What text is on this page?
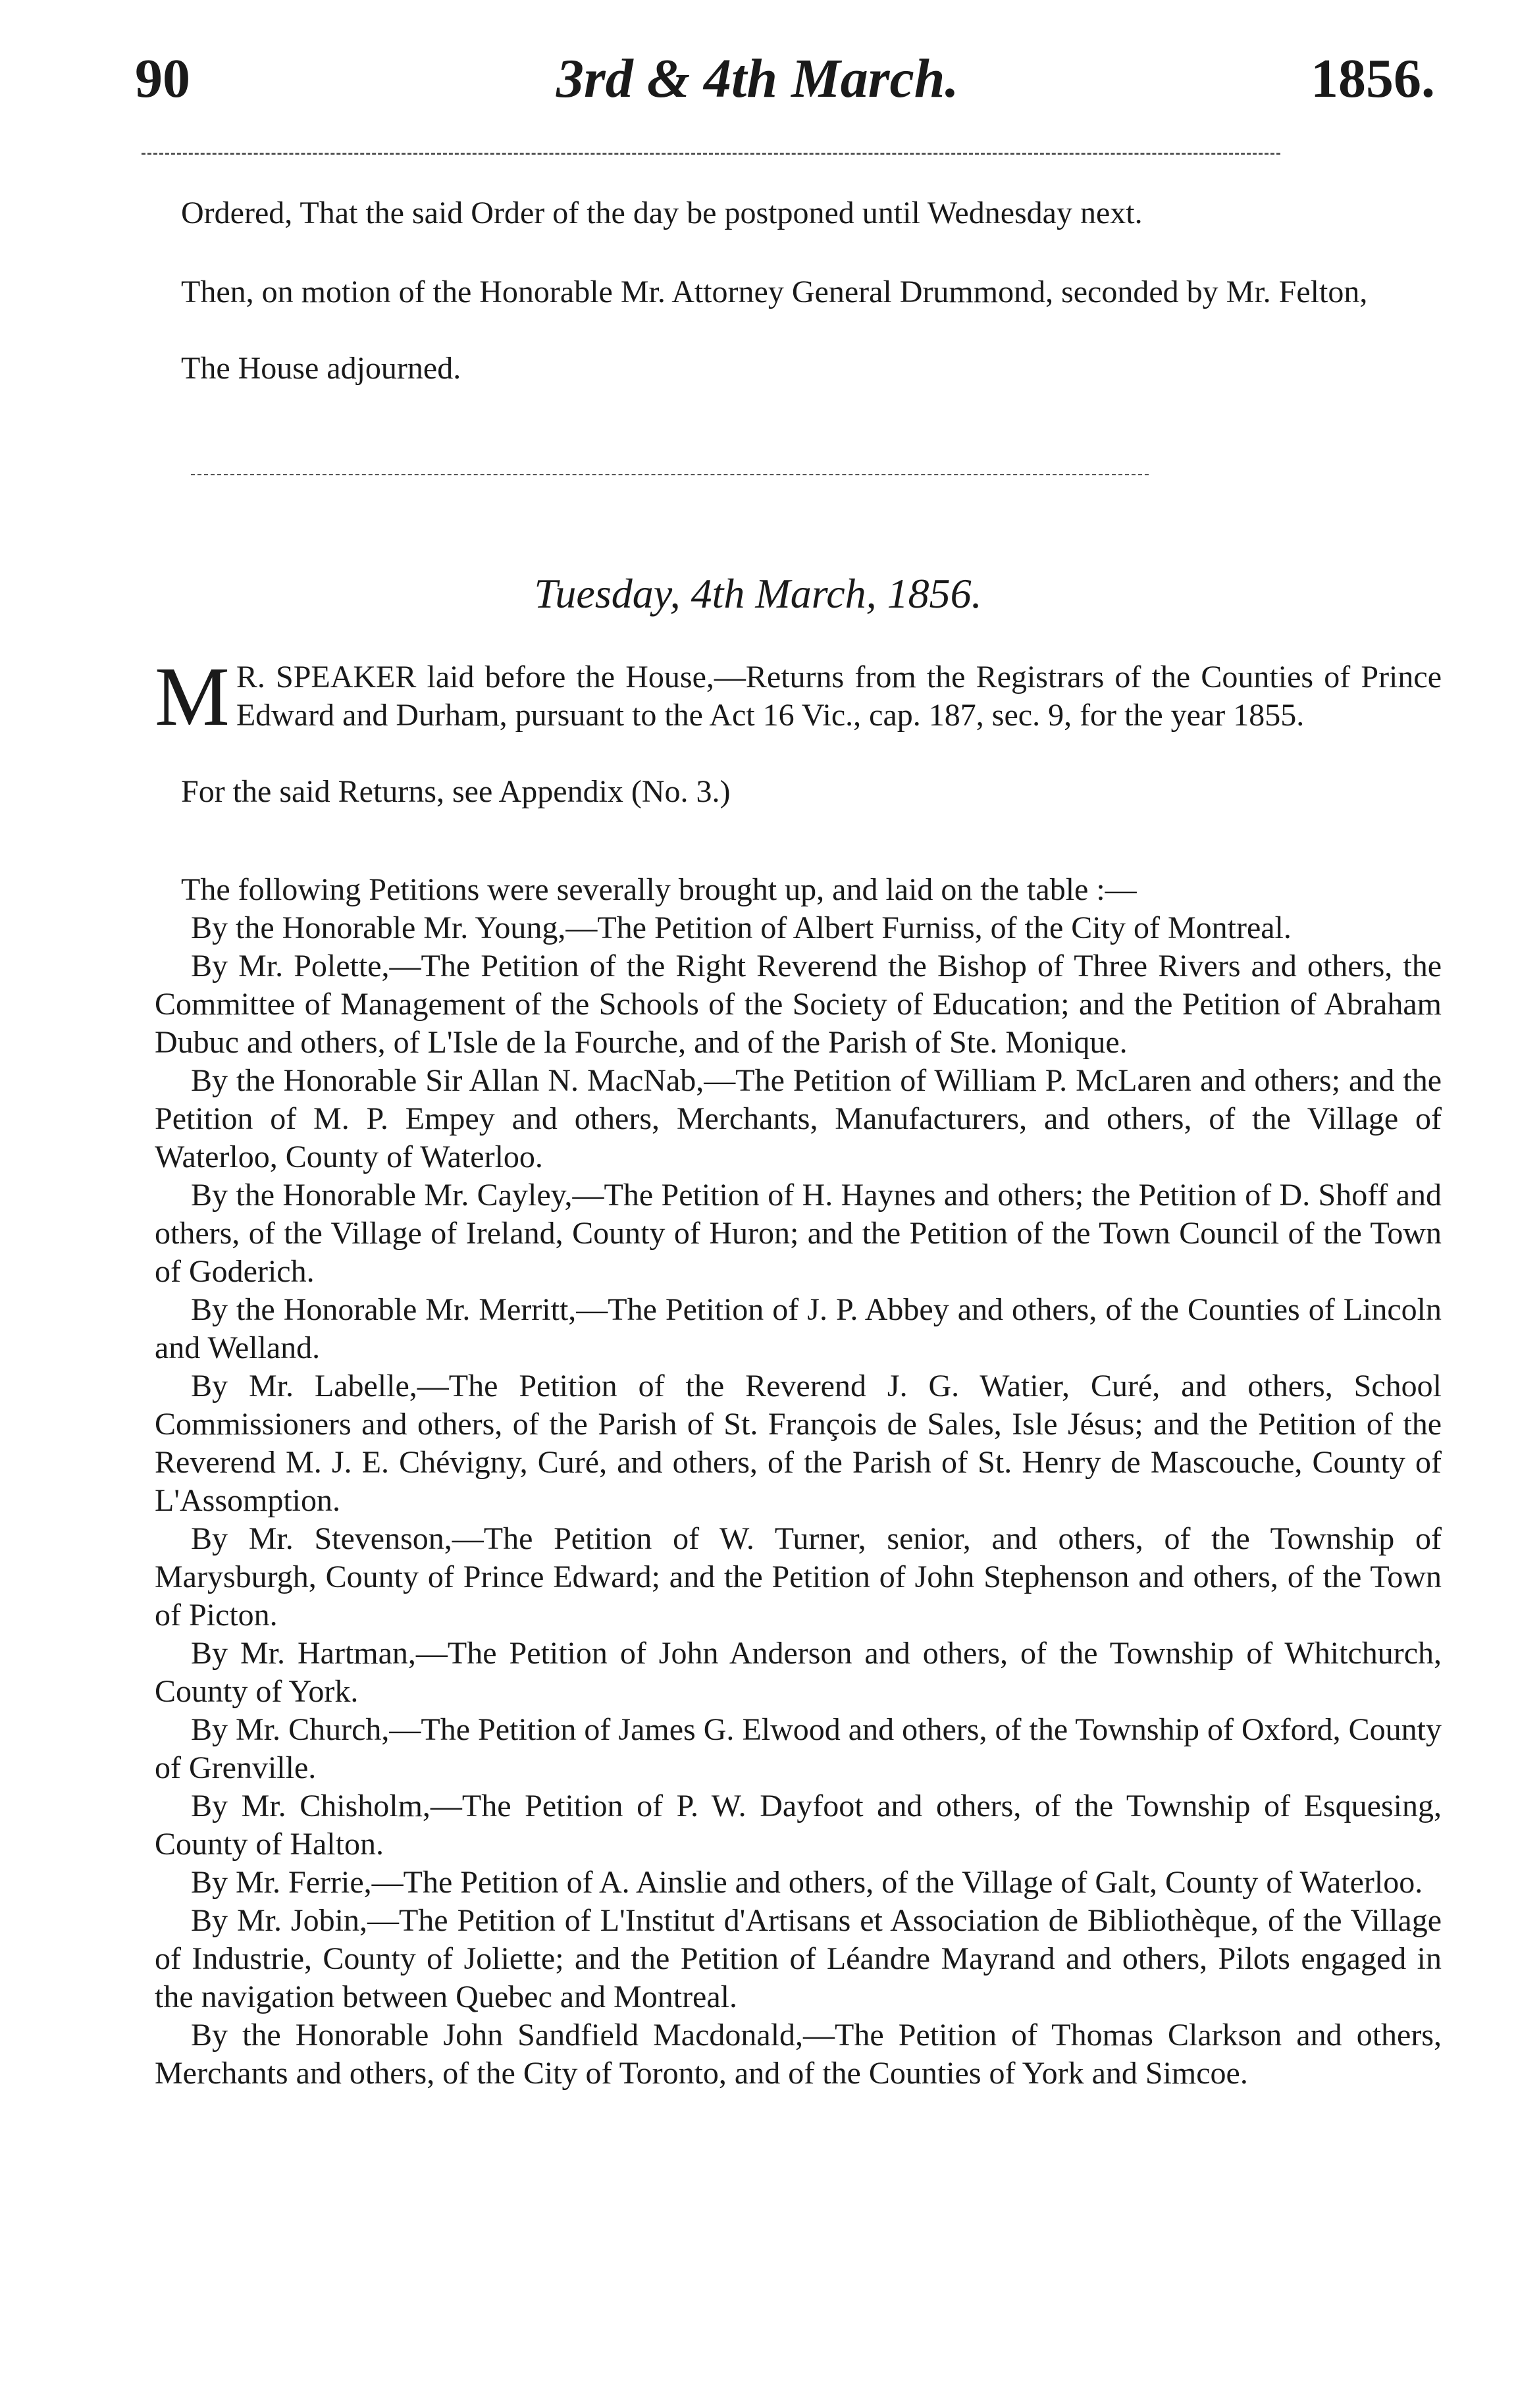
90	3rd & 4th March.	1856.

Ordered, That the said Order of the day be postponed until Wednesday next.

Then, on motion of the Honorable Mr. Attorney General Drummond, seconded by Mr. Felton,

The House adjourned.

Tuesday, 4th March, 1856.
M R. SPEAKER laid before the House,—Returns from the Registrars of the Counties of Prince Edward and Durham, pursuant to the Act 16 Vic., cap. 187, sec. 9, for the year 1855.

For the said Returns, see Appendix (No. 3.)

The following Petitions were severally brought up, and laid on the table :—

By the Honorable Mr. Young,—The Petition of Albert Furniss, of the City of Montreal.

By Mr. Polette,—The Petition of the Right Reverend the Bishop of Three Rivers and others, the Committee of Management of the Schools of the Society of Education; and the Petition of Abraham Dubuc and others, of L'Isle de la Fourche, and of the Parish of Ste. Monique.

By the Honorable Sir Allan N. MacNab,—The Petition of William P. McLaren and others; and the Petition of M. P. Empey and others, Merchants, Manufacturers, and others, of the Village of Waterloo, County of Waterloo.

By the Honorable Mr. Cayley,—The Petition of H. Haynes and others; the Petition of D. Shoff and others, of the Village of Ireland, County of Huron; and the Petition of the Town Council of the Town of Goderich.

By the Honorable Mr. Merritt,—The Petition of J. P. Abbey and others, of the Counties of Lincoln and Welland.

By Mr. Labelle,—The Petition of the Reverend J. G. Watier, Curé, and others, School Commissioners and others, of the Parish of St. François de Sales, Isle Jésus; and the Petition of the Reverend M. J. E. Chévigny, Curé, and others, of the Parish of St. Henry de Mascouche, County of L'Assomption.

By Mr. Stevenson,—The Petition of W. Turner, senior, and others, of the Township of Marysburgh, County of Prince Edward; and the Petition of John Stephenson and others, of the Town of Picton.

By Mr. Hartman,—The Petition of John Anderson and others, of the Township of Whitchurch, County of York.

By Mr. Church,—The Petition of James G. Elwood and others, of the Township of Oxford, County of Grenville.

By Mr. Chisholm,—The Petition of P. W. Dayfoot and others, of the Township of Esquesing, County of Halton.

By Mr. Ferrie,—The Petition of A. Ainslie and others, of the Village of Galt, County of Waterloo.

By Mr. Jobin,—The Petition of L'Institut d'Artisans et Association de Bibliothèque, of the Village of Industrie, County of Joliette; and the Petition of Léandre Mayrand and others, Pilots engaged in the navigation between Quebec and Montreal.

By the Honorable John Sandfield Macdonald,—The Petition of Thomas Clarkson and others, Merchants and others, of the City of Toronto, and of the Counties of York and Simcoe.
